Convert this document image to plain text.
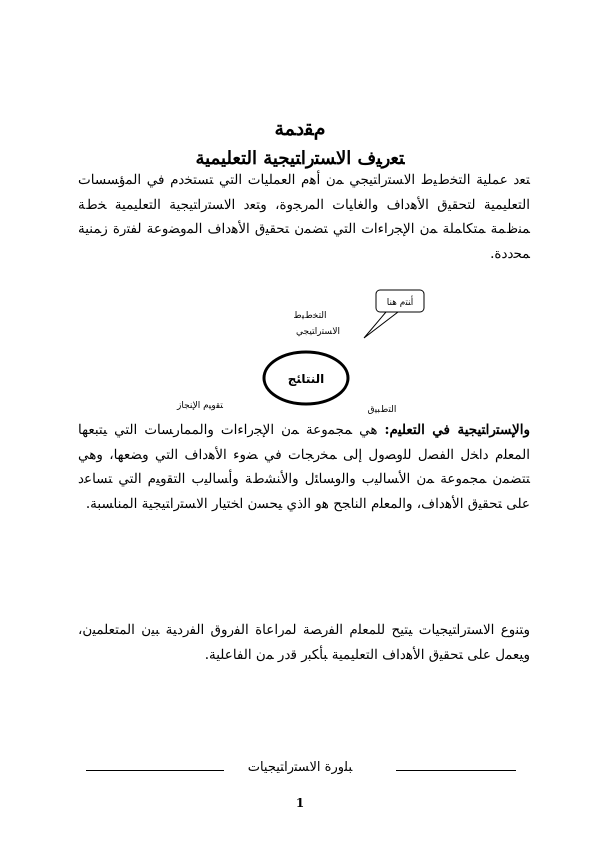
ﻡﻘﺩﻤﺔ
ﺘﻌﺭﻴﻑ ﺍﻻﺴﺘﺭﺍﺘﻴﺠﻴﺔ ﺍﻟﺘﻌﻠﻴﻤﻴﺔ
ﺘﻌﺩ ﻋﻤﻠﻴﺔ ﺍﻟﺘﺨﻁﻴﻁ ﺍﻻﺴﺘﺭﺍﺘﻴﺠﻲ ﻤﻥ ﺃﻫﻡ ﺍﻟﻌﻤﻠﻴﺎﺕ ﺍﻟﺘﻲ ﺘﺴﺘﺨﺩﻡ ﻓﻲ ﺍﻟﻤﺅﺴﺴﺎﺕ ﺍﻟﺘﻌﻠﻴﻤﻴﺔ ﻟﺘﺤﻘﻴﻕ ﺍﻷﻫﺩﺍﻑ ﻭﺍﻟﻐﺎﻴﺎﺕ ﺍﻟﻤﺭﺠﻭﺓ، ﻭﺘﻌﺩ ﺍﻻﺴﺘﺭﺍﺘﻴﺠﻴﺔ ﺍﻟﺘﻌﻠﻴﻤﻴﺔ ﺨﻁﺔ ﻤﻨﻅﻤﺔ ﻤﺘﻜﺎﻤﻠﺔ ﻤﻥ ﺍﻹﺠﺭﺍﺀﺍﺕ ﺍﻟﺘﻲ ﺘﻀﻤﻥ ﺘﺤﻘﻴﻕ ﺍﻷﻫﺩﺍﻑ ﺍﻟﻤﻭﻀﻭﻋﺔ ﻟﻔﺘﺭﺓ ﺯﻤﻨﻴﺔ ﻤﺤﺩﺩﺓ.
ﺃﻨﺘﻡ ﻫﻨﺎ
ﺍﻟﺘﺨﻁﻴﻁ
ﺍﻻﺴﺘﺭﺍﺘﻴﺠﻲ
ﺍﻟﻨﺘﺎﺌﺞ
ﺘﻘﻭﻴﻡ ﺍﻹﻨﺠﺎﺯ	ﺍﻟﺘﻁﺒﻴﻕ
ﻭﺍﻹﺴﺘﺭﺍﺘﻴﺠﻴﺔ ﻓﻲ ﺍﻟﺘﻌﻠﻴﻡ: ﻫﻲ ﻤﺠﻤﻭﻋﺔ ﻤﻥ ﺍﻹﺠﺭﺍﺀﺍﺕ ﻭﺍﻟﻤﻤﺎﺭﺴﺎﺕ ﺍﻟﺘﻲ ﻴﺘﺒﻌﻬﺎ ﺍﻟﻤﻌﻠﻡ ﺩﺍﺨل ﺍﻟﻔﺼل ﻟﻠﻭﺼﻭل ﺇﻟﻰ ﻤﺨﺭﺠﺎﺕ ﻓﻲ ﻀﻭﺀ ﺍﻷﻫﺩﺍﻑ ﺍﻟﺘﻲ ﻭﻀﻌﻬﺎ، ﻭﻫﻲ ﺘﺘﻀﻤﻥ ﻤﺠﻤﻭﻋﺔ ﻤﻥ ﺍﻷﺴﺎﻟﻴﺏ ﻭﺍﻟﻭﺴﺎﺌل ﻭﺍﻷﻨﺸﻁﺔ ﻭﺃﺴﺎﻟﻴﺏ ﺍﻟﺘﻘﻭﻴﻡ ﺍﻟﺘﻲ ﺘﺴﺎﻋﺩ ﻋﻠﻰ ﺘﺤﻘﻴﻕ ﺍﻷﻫﺩﺍﻑ، ﻭﺍﻟﻤﻌﻠﻡ ﺍﻟﻨﺎﺠﺢ ﻫﻭ ﺍﻟﺫﻱ ﻴﺤﺴﻥ ﺍﺨﺘﻴﺎﺭ ﺍﻻﺴﺘﺭﺍﺘﻴﺠﻴﺔ ﺍﻟﻤﻨﺎﺴﺒﺔ.
ﻭﺘﻨﻭﻉ ﺍﻻﺴﺘﺭﺍﺘﻴﺠﻴﺎﺕ ﻴﺘﻴﺢ ﻟﻠﻤﻌﻠﻡ ﺍﻟﻔﺭﺼﺔ ﻟﻤﺭﺍﻋﺎﺓ ﺍﻟﻔﺭﻭﻕ ﺍﻟﻔﺭﺩﻴﺔ ﺒﻴﻥ ﺍﻟﻤﺘﻌﻠﻤﻴﻥ، ﻭﻴﻌﻤل ﻋﻠﻰ ﺘﺤﻘﻴﻕ ﺍﻷﻫﺩﺍﻑ ﺍﻟﺘﻌﻠﻴﻤﻴﺔ ﺒﺄﻜﺒﺭ ﻗﺩﺭ ﻤﻥ ﺍﻟﻔﺎﻋﻠﻴﺔ.
ﺒﻠﻭﺭﺓ ﺍﻻﺴﺘﺭﺍﺘﻴﺠﻴﺎﺕ
1
